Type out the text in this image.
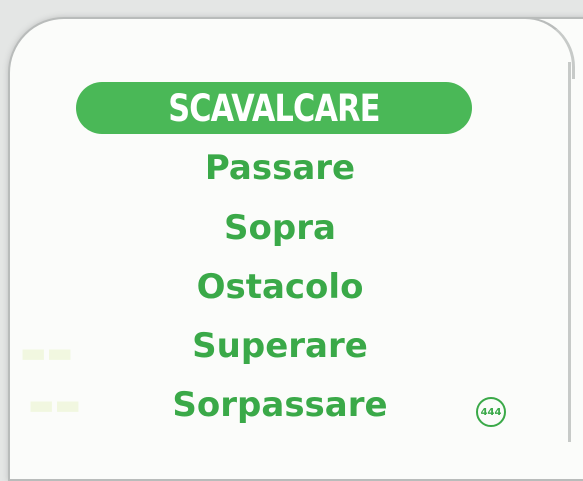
▬▬
▬▬
SCAVALCARE
Passare
Sopra
Ostacolo
Superare
Sorpassare	444
